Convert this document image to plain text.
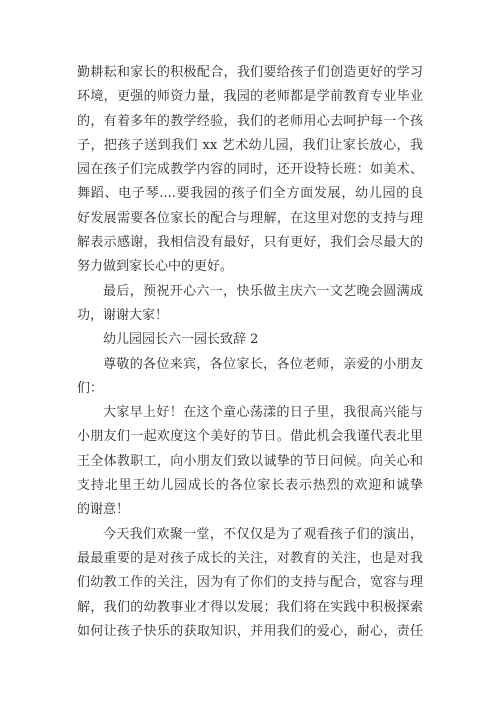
勤耕耘和家长的积极配合，我们要给孩子们创造更好的学习
环境，更强的师资力量，我园的老师都是学前教育专业毕业
的，有着多年的教学经验，我们的老师用心去呵护每一个孩
子，把孩子送到我们 xx 艺术幼儿园，我们让家长放心，我
园在孩子们完成教学内容的同时，还开设特长班：如美术、
舞蹈、电子琴....要我园的孩子们全方面发展，幼儿园的良
好发展需要各位家长的配合与理解，在这里对您的支持与理
解表示感谢，我相信没有最好，只有更好，我们会尽最大的
努力做到家长心中的更好。
最后，预祝开心六一，快乐做主庆六一文艺晚会圆满成
功，谢谢大家！
幼儿园园长六一园长致辞 2
尊敬的各位来宾，各位家长，各位老师，亲爱的小朋友
们：
大家早上好！在这个童心荡漾的日子里，我很高兴能与
小朋友们一起欢度这个美好的节日。借此机会我谨代表北里
王全体教职工，向小朋友们致以诚挚的节日问候。向关心和
支持北里王幼儿园成长的各位家长表示热烈的欢迎和诚挚
的谢意！
今天我们欢聚一堂，不仅仅是为了观看孩子们的演出，
最最重要的是对孩子成长的关注，对教育的关注，也是对我
们幼教工作的关注，因为有了你们的支持与配合，宽容与理
解，我们的幼教事业才得以发展；我们将在实践中积极探索
如何让孩子快乐的获取知识，并用我们的爱心，耐心，责任
